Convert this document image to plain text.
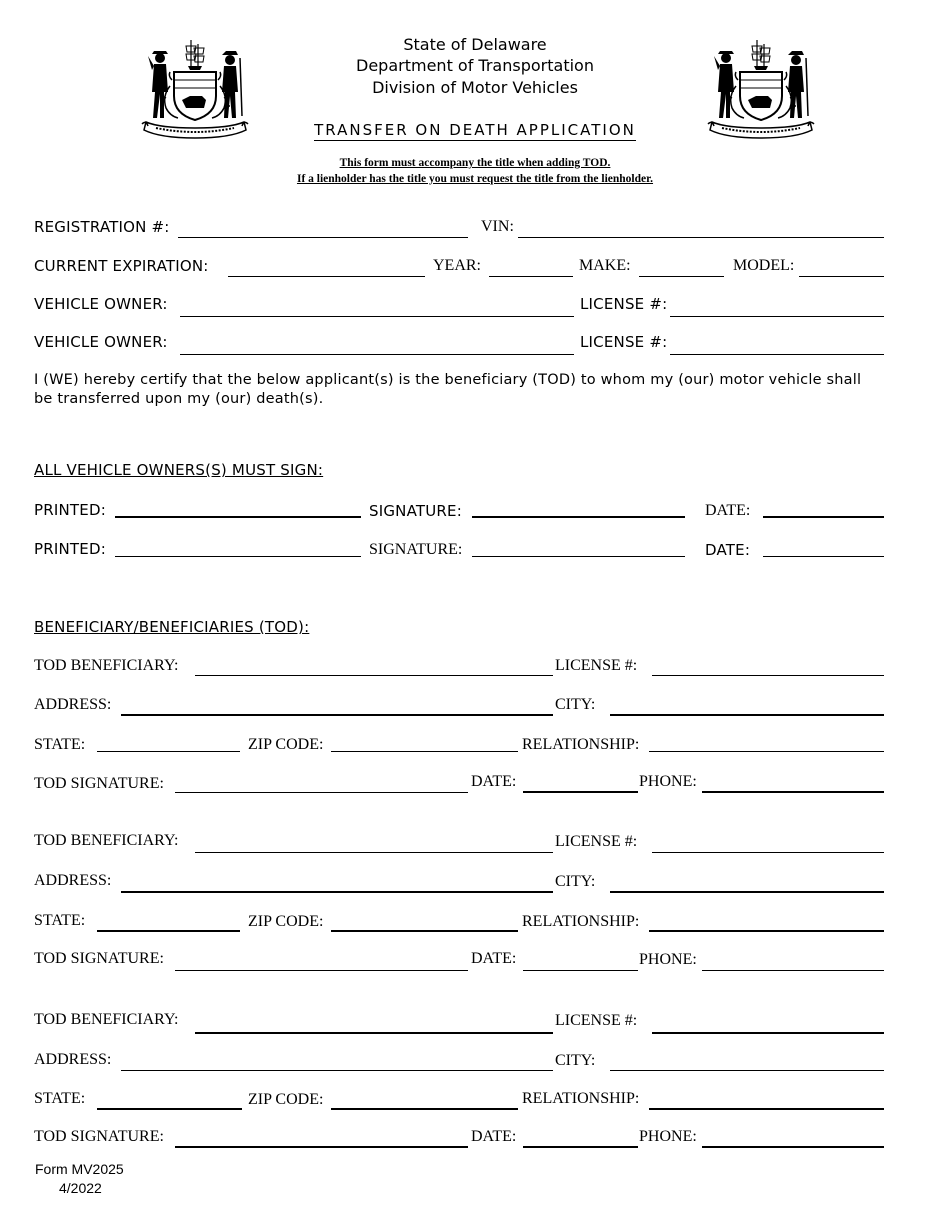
State of Delaware
Department of Transportation
Division of Motor Vehicles
TRANSFER ON DEATH APPLICATION
This form must accompany the title when adding TOD.
If a lienholder has the title you must request the title from the lienholder.
REGISTRATION #:	VIN:
CURRENT EXPIRATION:	YEAR:	MAKE:	MODEL:
VEHICLE OWNER:	LICENSE #:
VEHICLE OWNER:	LICENSE #:
I (WE) hereby certify that the below applicant(s) is the beneficiary (TOD) to whom my (our) motor vehicle shall be transferred upon my (our) death(s).
ALL VEHICLE OWNERS(S) MUST SIGN:
PRINTED:	SIGNATURE:	DATE:
PRINTED:	SIGNATURE:	DATE:
BENEFICIARY/BENEFICIARIES (TOD):
TOD BENEFICIARY:	LICENSE #:
ADDRESS:	CITY:
STATE:	ZIP CODE:	RELATIONSHIP:
TOD SIGNATURE:	DATE:	PHONE:
TOD BENEFICIARY:	LICENSE #:
ADDRESS:	CITY:
STATE:	ZIP CODE:	RELATIONSHIP:
TOD SIGNATURE:	DATE:	PHONE:
TOD BENEFICIARY:	LICENSE #:
ADDRESS:	CITY:
STATE:	ZIP CODE:	RELATIONSHIP:
TOD SIGNATURE:	DATE:	PHONE:
Form MV2025
4/2022
